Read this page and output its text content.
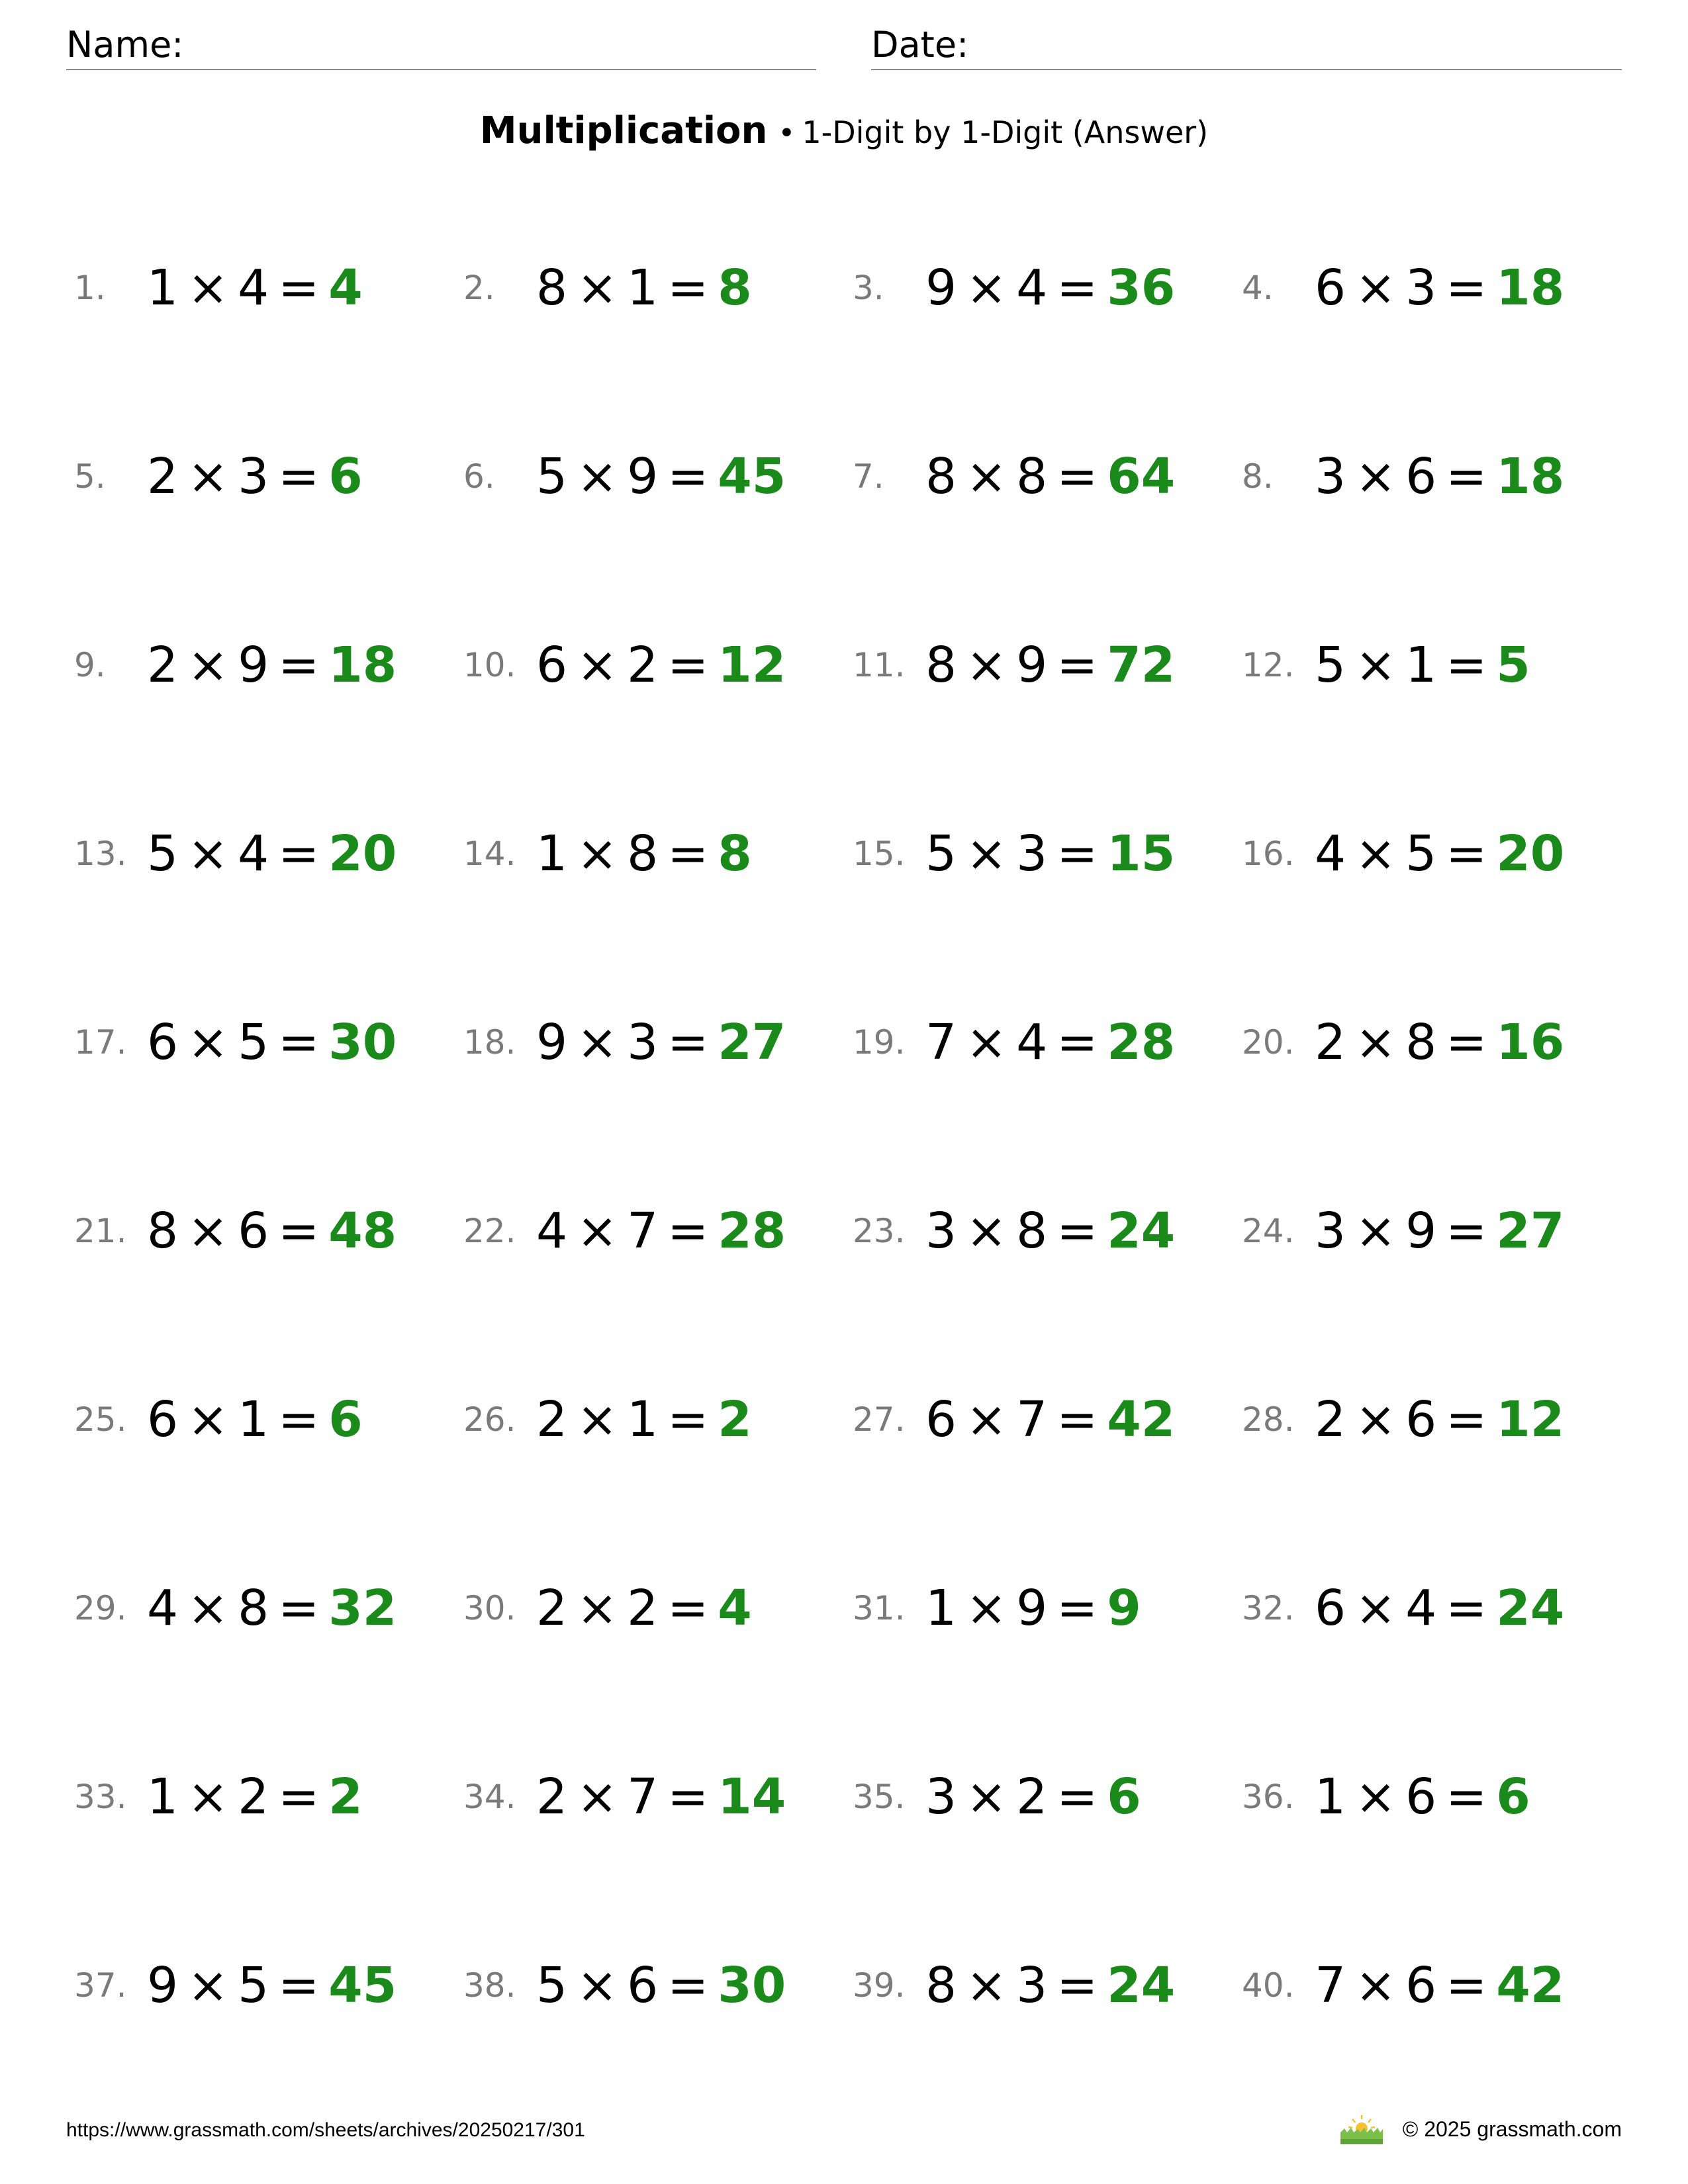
Name:	Date:
Multiplication • 1-Digit by 1-Digit (Answer)
1. 1 × 4 = 4	2. 8 × 1 = 8	3. 9 × 4 = 36 4. 6 × 3 = 18
5. 2 × 3 = 6	6. 5 × 9 = 45 7. 8 × 8 = 64 8. 3 × 6 = 18
9. 2 × 9 = 18 10. 6 × 2 = 12 11. 8 × 9 = 72 12. 5 × 1 = 5
13. 5 × 4 = 20 14. 1 × 8 = 8	15. 5 × 3 = 15 16. 4 × 5 = 20
17. 6 × 5 = 30 18. 9 × 3 = 27 19. 7 × 4 = 28 20. 2 × 8 = 16
21. 8 × 6 = 48 22. 4 × 7 = 28 23. 3 × 8 = 24 24. 3 × 9 = 27
25. 6 × 1 = 6	26. 2 × 1 = 2	27. 6 × 7 = 42 28. 2 × 6 = 12
29. 4 × 8 = 32 30. 2 × 2 = 4	31. 1 × 9 = 9	32. 6 × 4 = 24
33. 1 × 2 = 2	34. 2 × 7 = 14 35. 3 × 2 = 6	36. 1 × 6 = 6
37. 9 × 5 = 45 38. 5 × 6 = 30 39. 8 × 3 = 24 40. 7 × 6 = 42
https://www.grassmath.com/sheets/archives/20250217/301	© 2025 grassmath.com
